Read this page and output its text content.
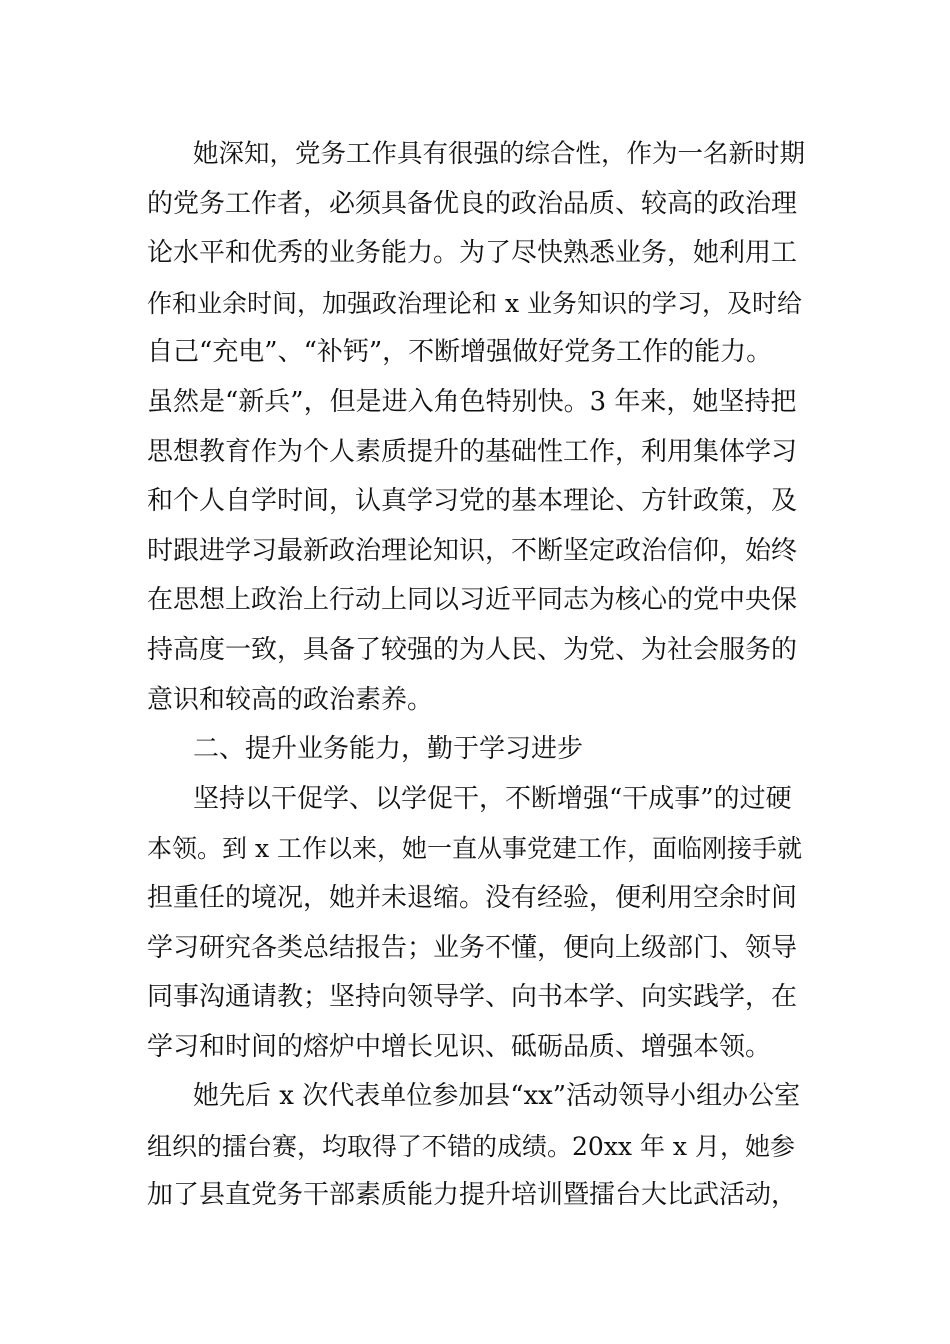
她深知，党务工作具有很强的综合性，作为一名新时期
的党务工作者，必须具备优良的政治品质、较高的政治理
论水平和优秀的业务能力。为了尽快熟悉业务，她利用工
作和业余时间，加强政治理论和 x 业务知识的学习，及时给
自己“充电”、“补钙”，不断增强做好党务工作的能力。
虽然是“新兵”，但是进入角色特别快。3 年来，她坚持把
思想教育作为个人素质提升的基础性工作，利用集体学习
和个人自学时间，认真学习党的基本理论、方针政策，及
时跟进学习最新政治理论知识，不断坚定政治信仰，始终
在思想上政治上行动上同以习近平同志为核心的党中央保
持高度一致，具备了较强的为人民、为党、为社会服务的
意识和较高的政治素养。
二、提升业务能力，勤于学习进步
坚持以干促学、以学促干，不断增强“干成事”的过硬
本领。到 x 工作以来，她一直从事党建工作，面临刚接手就
担重任的境况，她并未退缩。没有经验，便利用空余时间
学习研究各类总结报告；业务不懂，便向上级部门、领导
同事沟通请教；坚持向领导学、向书本学、向实践学，在
学习和时间的熔炉中增长见识、砥砺品质、增强本领。
她先后 x 次代表单位参加县“xx”活动领导小组办公室
组织的擂台赛，均取得了不错的成绩。20xx 年 x 月，她参
加了县直党务干部素质能力提升培训暨擂台大比武活动，
